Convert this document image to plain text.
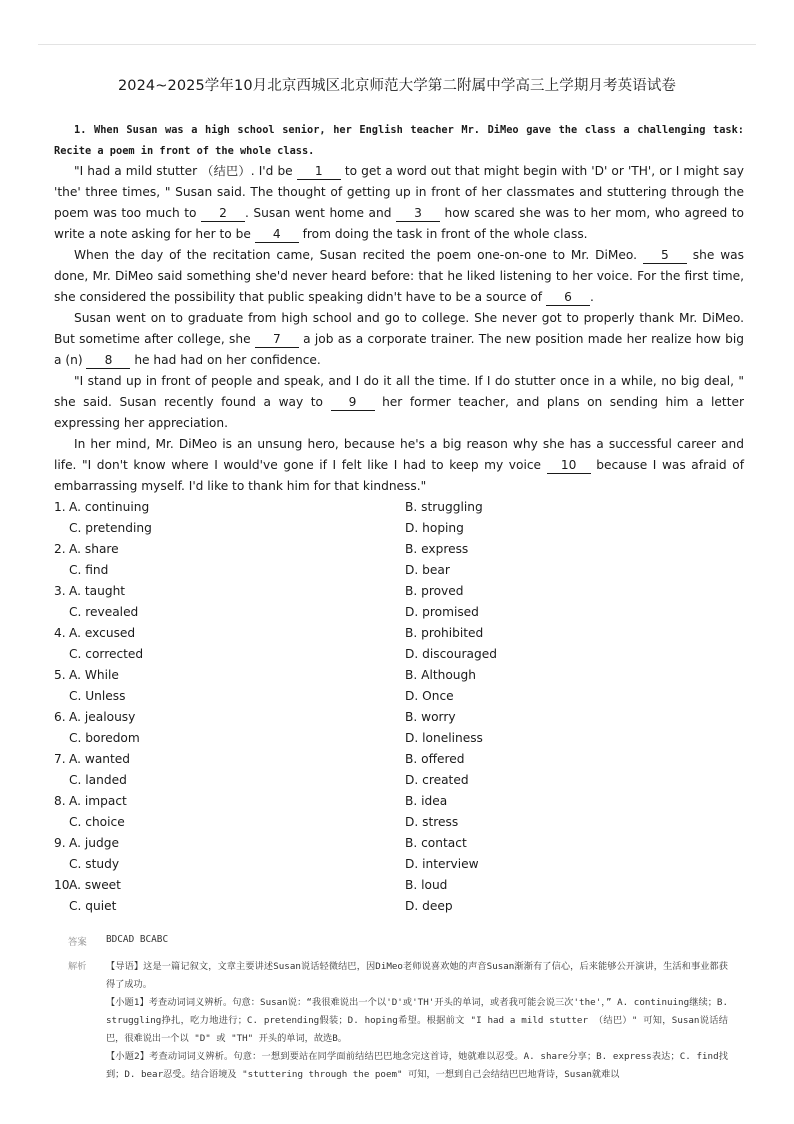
2024~2025学年10月北京西城区北京师范大学第二附属中学高三上学期月考英语试卷
1. When Susan was a high school senior, her English teacher Mr. DiMeo gave the class a challenging task: Recite a poem in front of the whole class.

"I had a mild stutter （结巴）. I'd be 1 to get a word out that might begin with 'D' or 'TH', or I might say 'the' three times, " Susan said. The thought of getting up in front of her classmates and stuttering through the poem was too much to 2 . Susan went home and 3 how scared she was to her mom, who agreed to write a note asking for her to be 4 from doing the task in front of the whole class.

When the day of the recitation came, Susan recited the poem one-on-one to Mr. DiMeo. 5 she was done, Mr. DiMeo said something she'd never heard before: that he liked listening to her voice. For the first time, she considered the possibility that public speaking didn't have to be a source of 6 .

Susan went on to graduate from high school and go to college. She never got to properly thank Mr. DiMeo. But sometime after college, she 7 a job as a corporate trainer. The new position made her realize how big a (n) 8 he had had on her confidence.

"I stand up in front of people and speak, and I do it all the time. If I do stutter once in a while, no big deal, " she said. Susan recently found a way to 9 her former teacher, and plans on sending him a letter expressing her appreciation.

In her mind, Mr. DiMeo is an unsung hero, because he's a big reason why she has a successful career and life. "I don't know where I would've gone if I felt like I had to keep my voice 10 because I was afraid of embarrassing myself. I'd like to thank him for that kindness."

1. A. continuing	B. struggling
C. pretending	D. hoping
2. A. share	B. express
C. find	D. bear
3. A. taught	B. proved
C. revealed	D. promised
4. A. excused	B. prohibited
C. corrected	D. discouraged
5. A. While	B. Although
C. Unless	D. Once
6. A. jealousy	B. worry
C. boredom	D. loneliness
7. A. wanted	B. offered
C. landed	D. created
8. A. impact	B. idea
C. choice	D. stress
9. A. judge	B. contact
C. study	D. interview
10 A. sweet	B. loud
C. quiet	D. deep
答案 BDCAD BCABC
解析 【导语】这是一篇记叙文，文章主要讲述Susan说话轻微结巴，因DiMeo老师说喜欢她的声音Susan渐渐有了信心，后来能够公开演讲，生活和事业都获得了成功。

【小题1】考查动词词义辨析。句意：Susan说：“我很难说出一个以'D'或'TH'开头的单词，或者我可能会说三次'the'，” A. continuing继续；B. struggling挣扎，吃力地进行；C. pretending假装；D. hoping希望。根据前文 "I had a mild stutter （结巴）" 可知，Susan说话结巴，很难说出一个以 "D" 或 "TH" 开头的单词，故选B。

【小题2】考查动词词义辨析。句意：一想到要站在同学面前结结巴巴地念完这首诗，她就难以忍受。A. share分享；B. express表达；C. find找到；D. bear忍受。结合语境及 "stuttering through the poem" 可知，一想到自己会结结巴巴地背诗，Susan就难以
